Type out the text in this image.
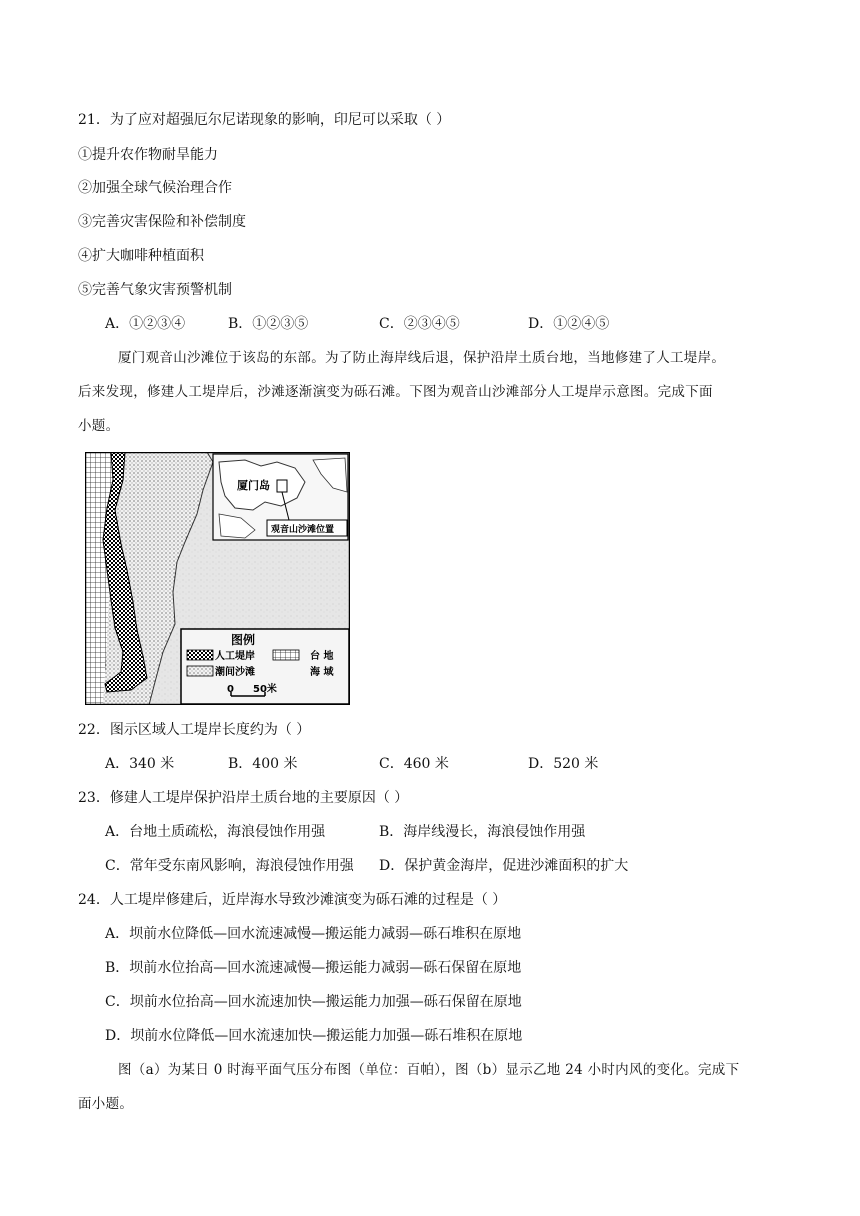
21．为了应对超强厄尔尼诺现象的影响，印尼可以采取（ ）
①提升农作物耐旱能力
②加强全球气候治理合作
③完善灾害保险和补偿制度
④扩大咖啡种植面积
⑤完善气象灾害预警机制
A．①②③④	B．①②③⑤	C．②③④⑤	D．①②④⑤
厦门观音山沙滩位于该岛的东部。为了防止海岸线后退，保护沿岸土质台地，当地修建了人工堤岸。
后来发现，修建人工堤岸后，沙滩逐渐演变为砾石滩。下图为观音山沙滩部分人工堤岸示意图。完成下面
小题。
厦门岛
观音山沙滩位置
图例
人工堤岸	台 地
潮间沙滩	海 域
0 50米
22．图示区域人工堤岸长度约为（ ）
A．340 米	B．400 米	C．460 米	D．520 米
23．修建人工堤岸保护沿岸土质台地的主要原因（ ）
A．台地土质疏松，海浪侵蚀作用强	B．海岸线漫长，海浪侵蚀作用强
C．常年受东南风影响，海浪侵蚀作用强 D．保护黄金海岸，促进沙滩面积的扩大
24．人工堤岸修建后，近岸海水导致沙滩演变为砾石滩的过程是（ ）
A．坝前水位降低—回水流速减慢—搬运能力减弱—砾石堆积在原地
B．坝前水位抬高—回水流速减慢—搬运能力减弱—砾石保留在原地
C．坝前水位抬高—回水流速加快—搬运能力加强—砾石保留在原地
D．坝前水位降低—回水流速加快—搬运能力加强—砾石堆积在原地
图（a）为某日 0 时海平面气压分布图（单位：百帕），图（b）显示乙地 24 小时内风的变化。完成下
面小题。
